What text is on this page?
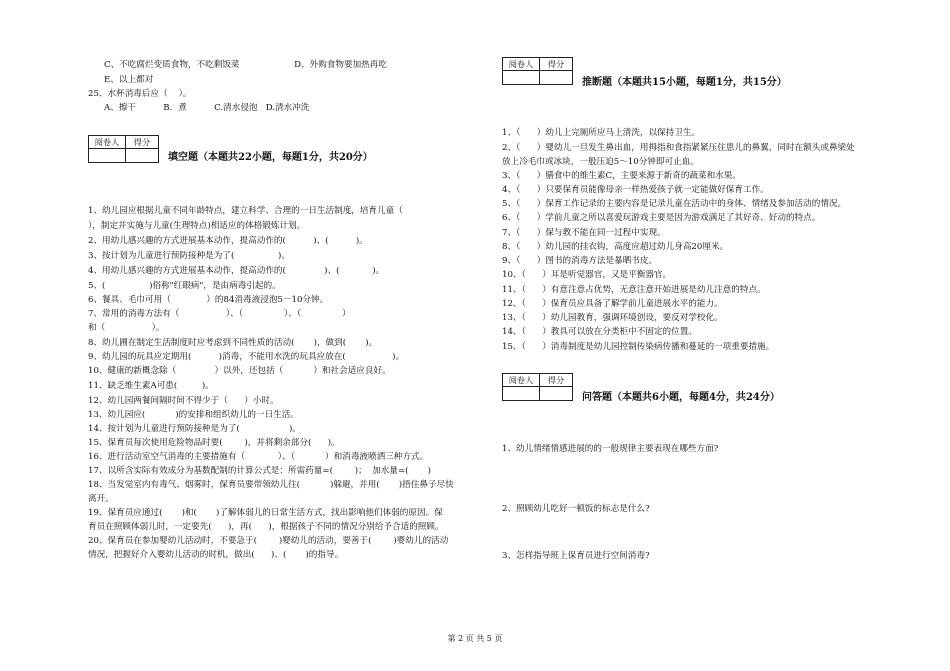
C、不吃腐烂变质食物，不吃剩饭菜                    D、外购食物要加热再吃
E、以上都对
25、水杯消毒后应（    ）。
A、擦干          B．煮          C.清水侵泡   D.清水冲洗
阅卷人	得分

填空题（本题共22小题，每题1分，共20分）
1、幼儿园应根据儿童不同年龄特点，建立科学、合理的一日生活制度，培育儿童（
），制定并实施与儿童(生理特点)相适应的体格锻炼计划。
2、用幼儿感兴趣的方式进展基本动作，提高动作的(          )、(          )。
3、按计划为儿童进行预防接种是为了(                )。
4、用幼儿感兴趣的方式进展基本动作，提高动作的(              )、(            )。
5、(                )俗称"红眼病"，是由病毒引起的。
6、餐具、毛巾可用（             ）的84消毒液浸泡5－10分钟。
7、常用的消毒方法有（                 ）、（               ）、（               ）
和（                 ）。
8、幼儿圃在制定生活制度时应考虑到不同性质的活动(       )，做到(       )。
9、幼儿园的玩具应定期用(          )消毒，不能用水洗的玩具应放在(                 )。
10、健康的新概念除（              ）以外，还包括（           ）和社会适应良好。
11、缺乏维生素A可患(         )。
12、幼儿园两餐间隔时间不得少于（      ）小时。
13、幼儿园应(           )的安排和组织幼儿的一日生活。
14、按计划为儿童进行预防接种是为了(                  )。
15、保育员每次使用危险物品时要(        )，并将剩余部分(      )。
16、进行活动室空气消毒的主要措施有（            ）、（           ）和消毒液喷洒三种方式。
17、以所含实际有效成分为基数配制的计算公式是：所需药量=(        )；  加水量=(       )
18、当发觉室内有毒气、烟雾时，保育员要带领幼儿往(           )躲避，并用(       )捂住鼻子尽快
离开。
19、保育员应通过(       )和(       )了解体弱儿的日常生活方式，找出影响他们体弱的原因。保
育员在照顾体弱儿时，一定要先(      )，再(      )，根据孩子不同的情况分别给予合适的照顾。
20、保育员在参加婴幼儿活动时，不要急于(        )婴幼儿的活动，要善于(        )婴幼儿的活动
情况，把握好介入婴幼儿活动的时机，做出(      )、(       )的指导。
阅卷人	得分

推断题（本题共15小题，每题1分，共15分）
1、（      ）幼儿上完厕所应马上清洗，以保持卫生。
2、（      ）婴幼儿一旦发生鼻出血，用拇指和食指紧紧压住患儿的鼻翼，同时在额头或鼻梁处
放上冷毛巾或冰块，一般压迫5～10分钟即可止血。
3、（      ）膳食中的维生素C，主要来源于新奇的蔬菜和水果。
4、（      ）只要保育员能像母亲一样热爱孩子就一定能做好保育工作。
5、（      ）保育工作记录的主要内容是记录儿童在活动中的身体、情绪及参加活动的情况。
6、（      ）学前儿童之所以喜爱玩游戏主要是因为游戏满足了其好奇、好动的特点。
7、（      ）保与教不能在同一过程中实现。
8、（      ）幼儿园的挂衣钩，高度应超过幼儿身高20厘米。
9、（      ）图书的消毒方法是暴晒书皮。
10、（      ）耳是听觉器官，又是平衡器官。
11、（      ）有意注意占优势，无意注意开始进展是幼儿注意的特点。
12、（      ）保育员应具备了解学前儿童进展水平的能力。
13、（      ）幼儿园教育，强调环境创设，要反对学校化。
14、（      ）教具可以放在分类柜中不固定的位置。
15、（      ）消毒制度是幼儿园控制传染病传播和蔓延的一项重要措施。
阅卷人	得分

问答题（本题共6小题，每题4分，共24分）
1、幼儿情绪情感进展的的一般规律主要表现在哪些方面?
2、照顾幼儿吃好一顿饭的标志是什么?
3、怎样指导班上保育员进行空间消毒?
第 2 页 共 5 页
